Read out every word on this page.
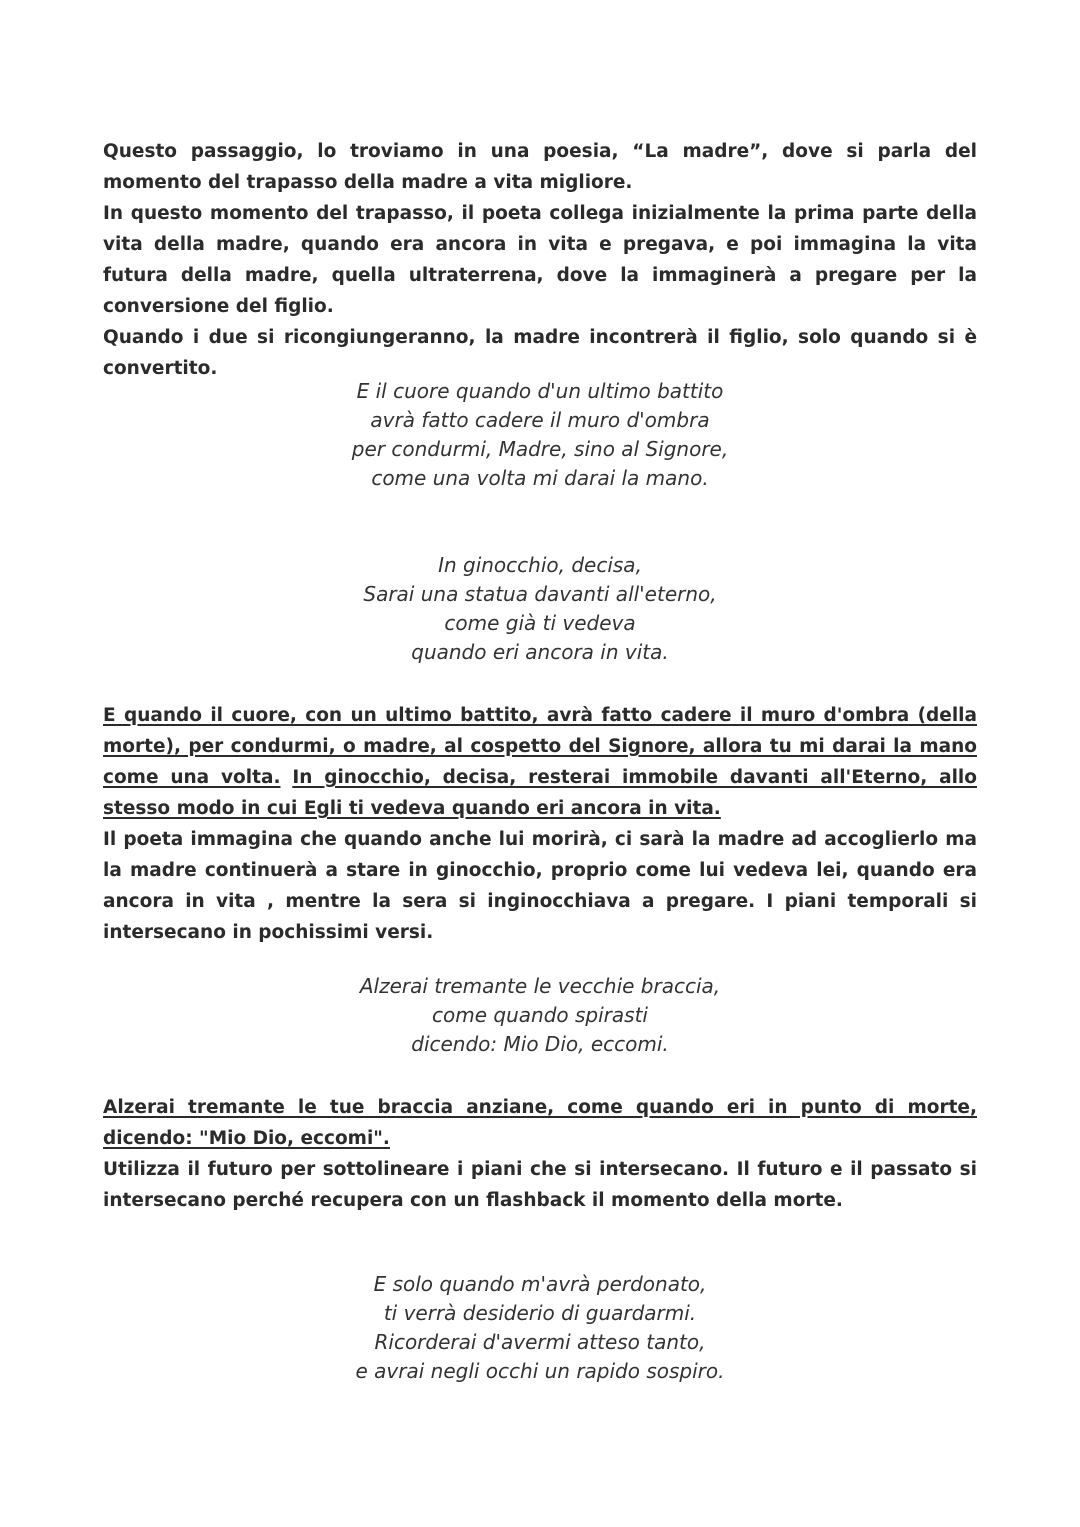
Questo passaggio, lo troviamo in una poesia, “La madre”, dove si parla del momento del trapasso della madre a vita migliore.

In questo momento del trapasso, il poeta collega inizialmente la prima parte della vita della madre, quando era ancora in vita e pregava, e poi immagina la vita futura della madre, quella ultraterrena, dove la immaginerà a pregare per la conversione del figlio.

Quando i due si ricongiungeranno, la madre incontrerà il figlio, solo quando si è convertito.

E il cuore quando d'un ultimo battito
avrà fatto cadere il muro d'ombra
per condurmi, Madre, sino al Signore,
come una volta mi darai la mano.
In ginocchio, decisa,
Sarai una statua davanti all'eterno,
come già ti vedeva
quando eri ancora in vita.

E quando il cuore, con un ultimo battito, avrà fatto cadere il muro d'ombra (della morte), per condurmi, o madre, al cospetto del Signore, allora tu mi darai la mano come una volta. In ginocchio, decisa, resterai immobile davanti all'Eterno, allo stesso modo in cui Egli ti vedeva quando eri ancora in vita.

Il poeta immagina che quando anche lui morirà, ci sarà la madre ad accoglierlo ma la madre continuerà a stare in ginocchio, proprio come lui vedeva lei, quando era ancora in vita , mentre la sera si inginocchiava a pregare. I piani temporali si intersecano in pochissimi versi.

Alzerai tremante le vecchie braccia,
come quando spirasti
dicendo: Mio Dio, eccomi.

Alzerai tremante le tue braccia anziane, come quando eri in punto di morte, dicendo: "Mio Dio, eccomi".

Utilizza il futuro per sottolineare i piani che si intersecano. Il futuro e il passato si intersecano perché recupera con un flashback il momento della morte.

E solo quando m'avrà perdonato,
ti verrà desiderio di guardarmi.
Ricorderai d'avermi atteso tanto,
e avrai negli occhi un rapido sospiro.
